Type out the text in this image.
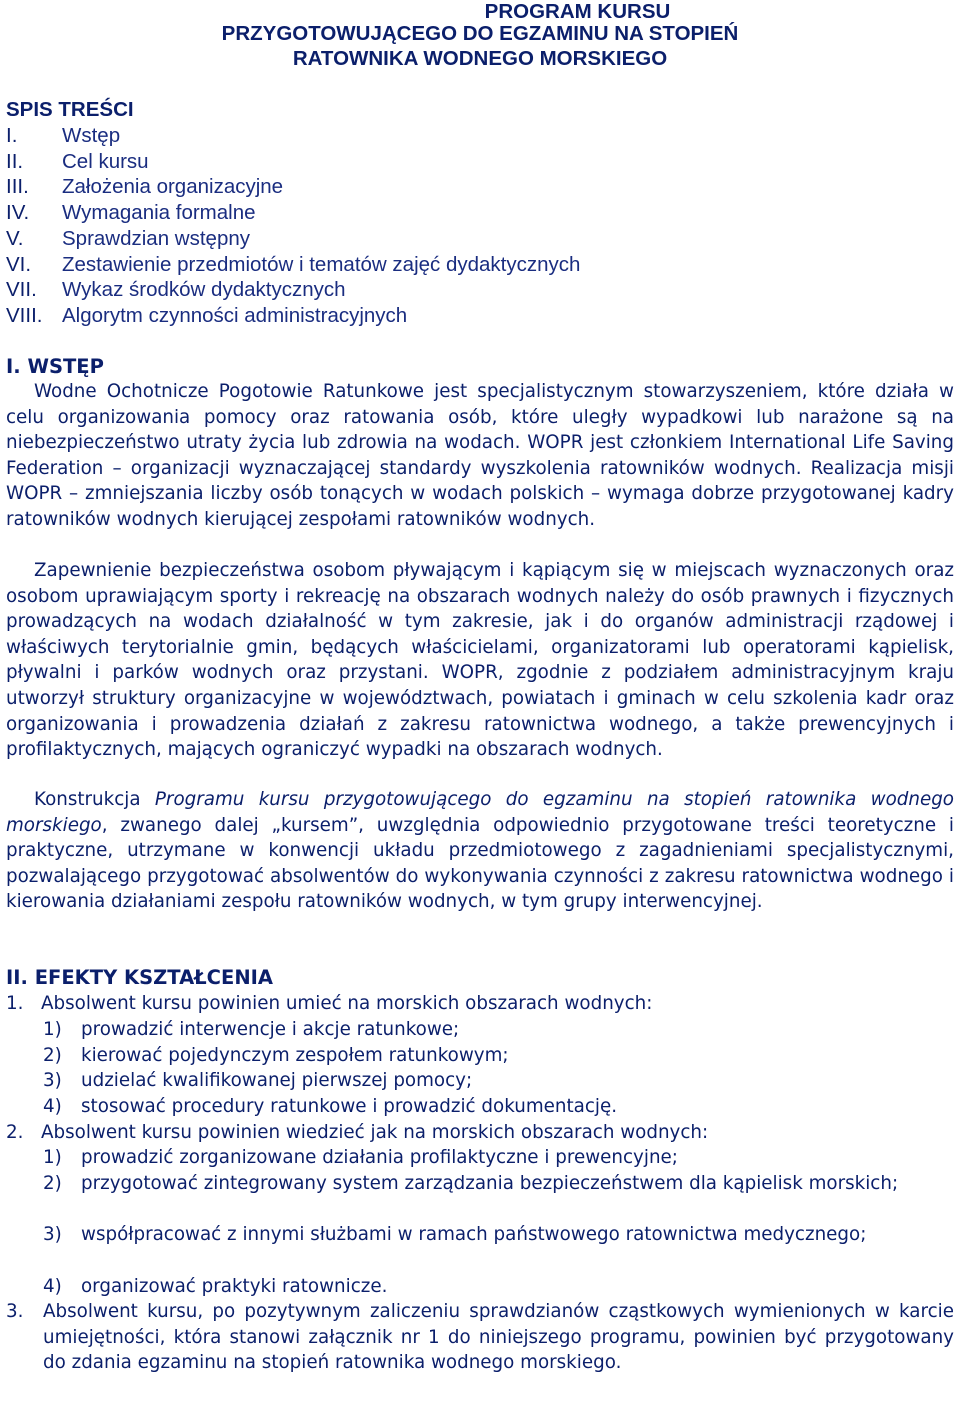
PROGRAM KURSU
PRZYGOTOWUJĄCEGO DO EGZAMINU NA STOPIEŃ
RATOWNIKA WODNEGO MORSKIEGO
SPIS TREŚCI
I. Wstęp
II. Cel kursu
III. Założenia organizacyjne
IV. Wymagania formalne
V. Sprawdzian wstępny
VI. Zestawienie przedmiotów i tematów zajęć dydaktycznych
VII. Wykaz środków dydaktycznych
VIII. Algorytm czynności administracyjnych
I. WSTĘP
Wodne Ochotnicze Pogotowie Ratunkowe jest specjalistycznym stowarzyszeniem, które działa w celu organizowania pomocy oraz ratowania osób, które uległy wypadkowi lub narażone są na niebezpieczeństwo utraty życia lub zdrowia na wodach. WOPR jest członkiem International Life Saving Federation – organizacji wyznaczającej standardy wyszkolenia ratowników wodnych. Realizacja misji WOPR – zmniejszania liczby osób tonących w wodach polskich – wymaga dobrze przygotowanej kadry ratowników wodnych kierującej zespołami ratowników wodnych.
Zapewnienie bezpieczeństwa osobom pływającym i kąpiącym się w miejscach wyznaczonych oraz osobom uprawiającym sporty i rekreację na obszarach wodnych należy do osób prawnych i fizycznych prowadzących na wodach działalność w tym zakresie, jak i do organów administracji rządowej i właściwych terytorialnie gmin, będących właścicielami, organizatorami lub operatorami kąpielisk, pływalni i parków wodnych oraz przystani. WOPR, zgodnie z podziałem administracyjnym kraju utworzył struktury organizacyjne w województwach, powiatach i gminach w celu szkolenia kadr oraz organizowania i prowadzenia działań z zakresu ratownictwa wodnego, a także prewencyjnych i profilaktycznych, mających ograniczyć wypadki na obszarach wodnych.
Konstrukcja Programu kursu przygotowującego do egzaminu na stopień ratownika wodnego morskiego, zwanego dalej „kursem”, uwzględnia odpowiednio przygotowane treści teoretyczne i praktyczne, utrzymane w konwencji układu przedmiotowego z zagadnieniami specjalistycznymi, pozwalającego przygotować absolwentów do wykonywania czynności z zakresu ratownictwa wodnego i kierowania działaniami zespołu ratowników wodnych, w tym grupy interwencyjnej.
II. EFEKTY KSZTAŁCENIA
1. Absolwent kursu powinien umieć na morskich obszarach wodnych:
1) prowadzić interwencje i akcje ratunkowe;
2) kierować pojedynczym zespołem ratunkowym;
3) udzielać kwalifikowanej pierwszej pomocy;
4) stosować procedury ratunkowe i prowadzić dokumentację.
2. Absolwent kursu powinien wiedzieć jak na morskich obszarach wodnych:
1) prowadzić zorganizowane działania profilaktyczne i prewencyjne;
2) przygotować zintegrowany system zarządzania bezpieczeństwem dla kąpielisk morskich;
3) współpracować z innymi służbami w ramach państwowego ratownictwa medycznego;
4) organizować praktyki ratownicze.
3. Absolwent kursu, po pozytywnym zaliczeniu sprawdzianów cząstkowych wymienionych w karcie umiejętności, która stanowi załącznik nr 1 do niniejszego programu, powinien być przygotowany do zdania egzaminu na stopień ratownika wodnego morskiego.
